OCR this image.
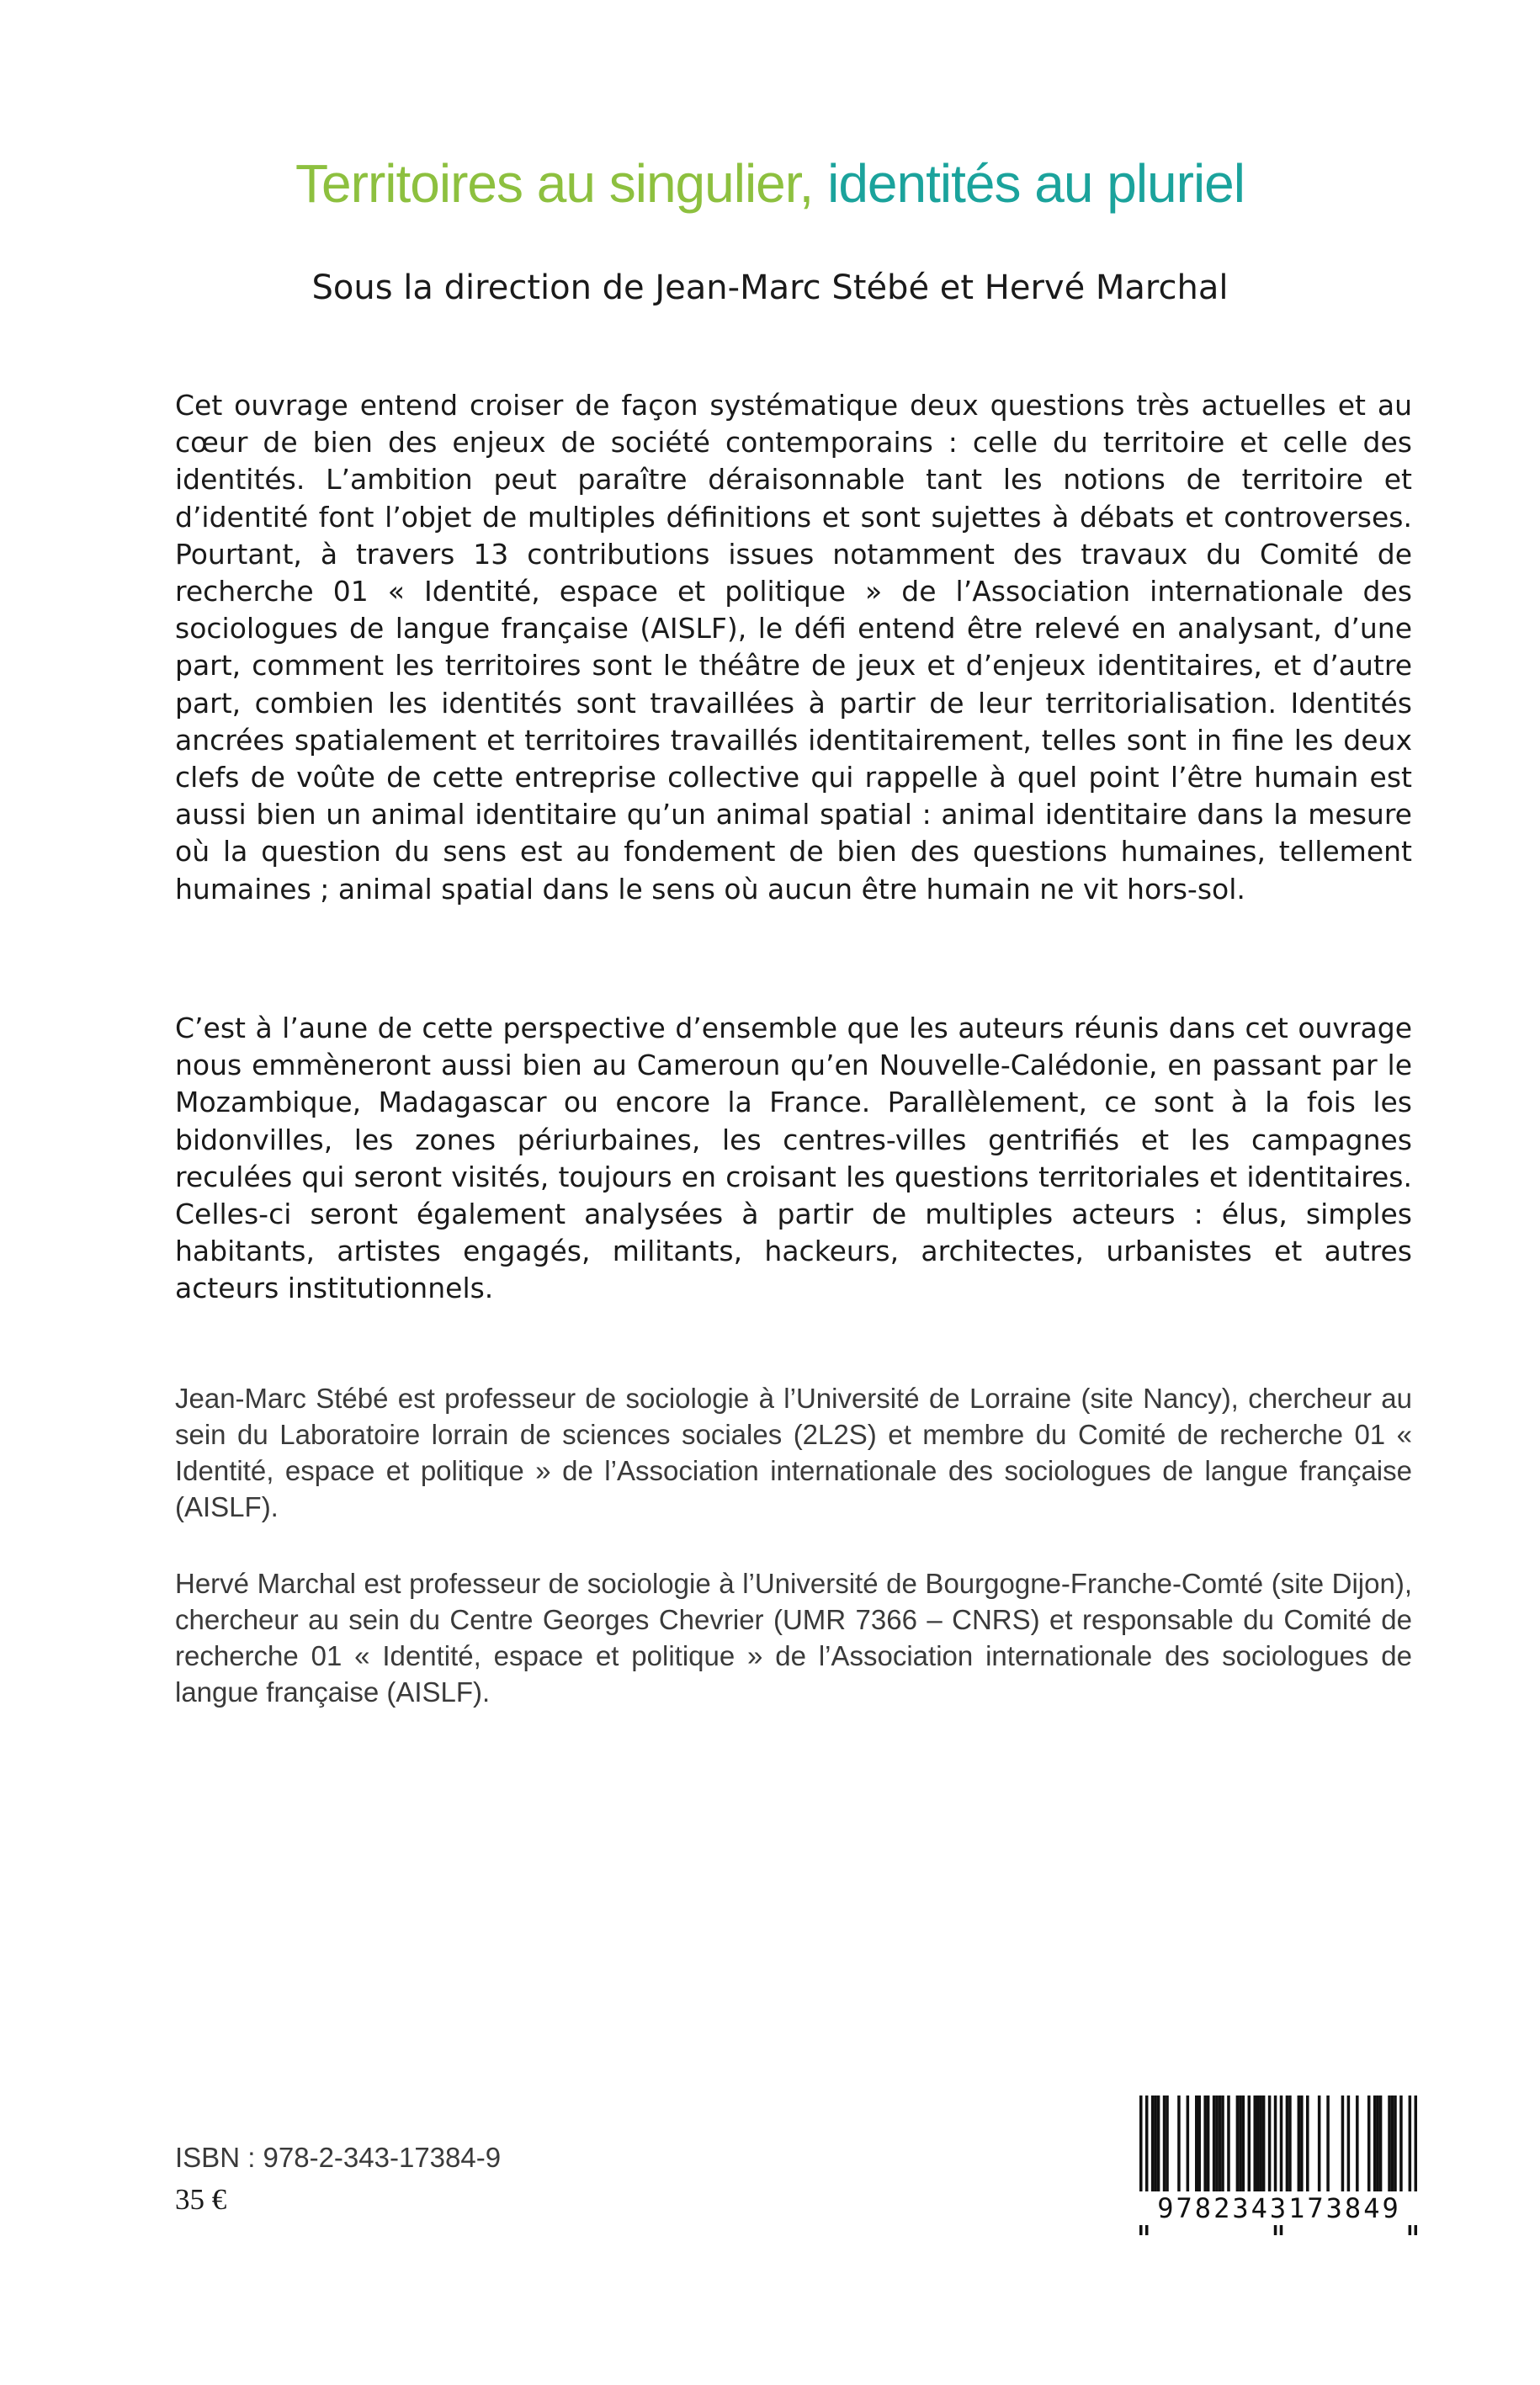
Territoires au singulier, identités au pluriel

Sous la direction de Jean-Marc Stébé et Hervé Marchal

Cet ouvrage entend croiser de façon systématique deux questions très actuelles et au cœur de bien des enjeux de société contemporains : celle du territoire et celle des identités. L’ambition peut paraître déraisonnable tant les notions de territoire et d’identité font l’objet de multiples définitions et sont sujettes à débats et controverses. Pourtant, à travers 13 contributions issues notamment des travaux du Comité de recherche 01 « Identité, espace et politique » de l’Association internationale des sociologues de langue française (AISLF), le défi entend être relevé en analysant, d’une part, comment les territoires sont le théâtre de jeux et d’enjeux identitaires, et d’autre part, combien les identités sont travaillées à partir de leur territorialisation. Identités ancrées spatialement et territoires travaillés identitairement, telles sont in fine les deux clefs de voûte de cette entreprise collective qui rappelle à quel point l’être humain est aussi bien un animal identitaire qu’un animal spatial : animal identitaire dans la mesure où la question du sens est au fondement de bien des questions humaines, tellement humaines ; animal spatial dans le sens où aucun être humain ne vit hors-sol.

C’est à l’aune de cette perspective d’ensemble que les auteurs réunis dans cet ouvrage nous emmèneront aussi bien au Cameroun qu’en Nouvelle-Calédonie, en passant par le Mozambique, Madagascar ou encore la France. Parallèlement, ce sont à la fois les bidonvilles, les zones périurbaines, les centres-villes gentrifiés et les campagnes reculées qui seront visités, toujours en croisant les questions territoriales et identitaires. Celles-ci seront également analysées à partir de multiples acteurs : élus, simples habitants, artistes engagés, militants, hackeurs, architectes, urbanistes et autres acteurs institutionnels.

Jean-Marc Stébé est professeur de sociologie à l’Université de Lorraine (site Nancy), chercheur au sein du Laboratoire lorrain de sciences sociales (2L2S) et membre du Comité de recherche 01 « Identité, espace et politique » de l’Association internationale des sociologues de langue française (AISLF).

Hervé Marchal est professeur de sociologie à l’Université de Bourgogne-Franche-Comté (site Dijon), chercheur au sein du Centre Georges Chevrier (UMR 7366 – CNRS) et responsable du Comité de recherche 01 « Identité, espace et politique » de l’Association internationale des sociologues de langue française (AISLF).

ISBN : 978-2-343-17384-9

35 €	9782343173849
